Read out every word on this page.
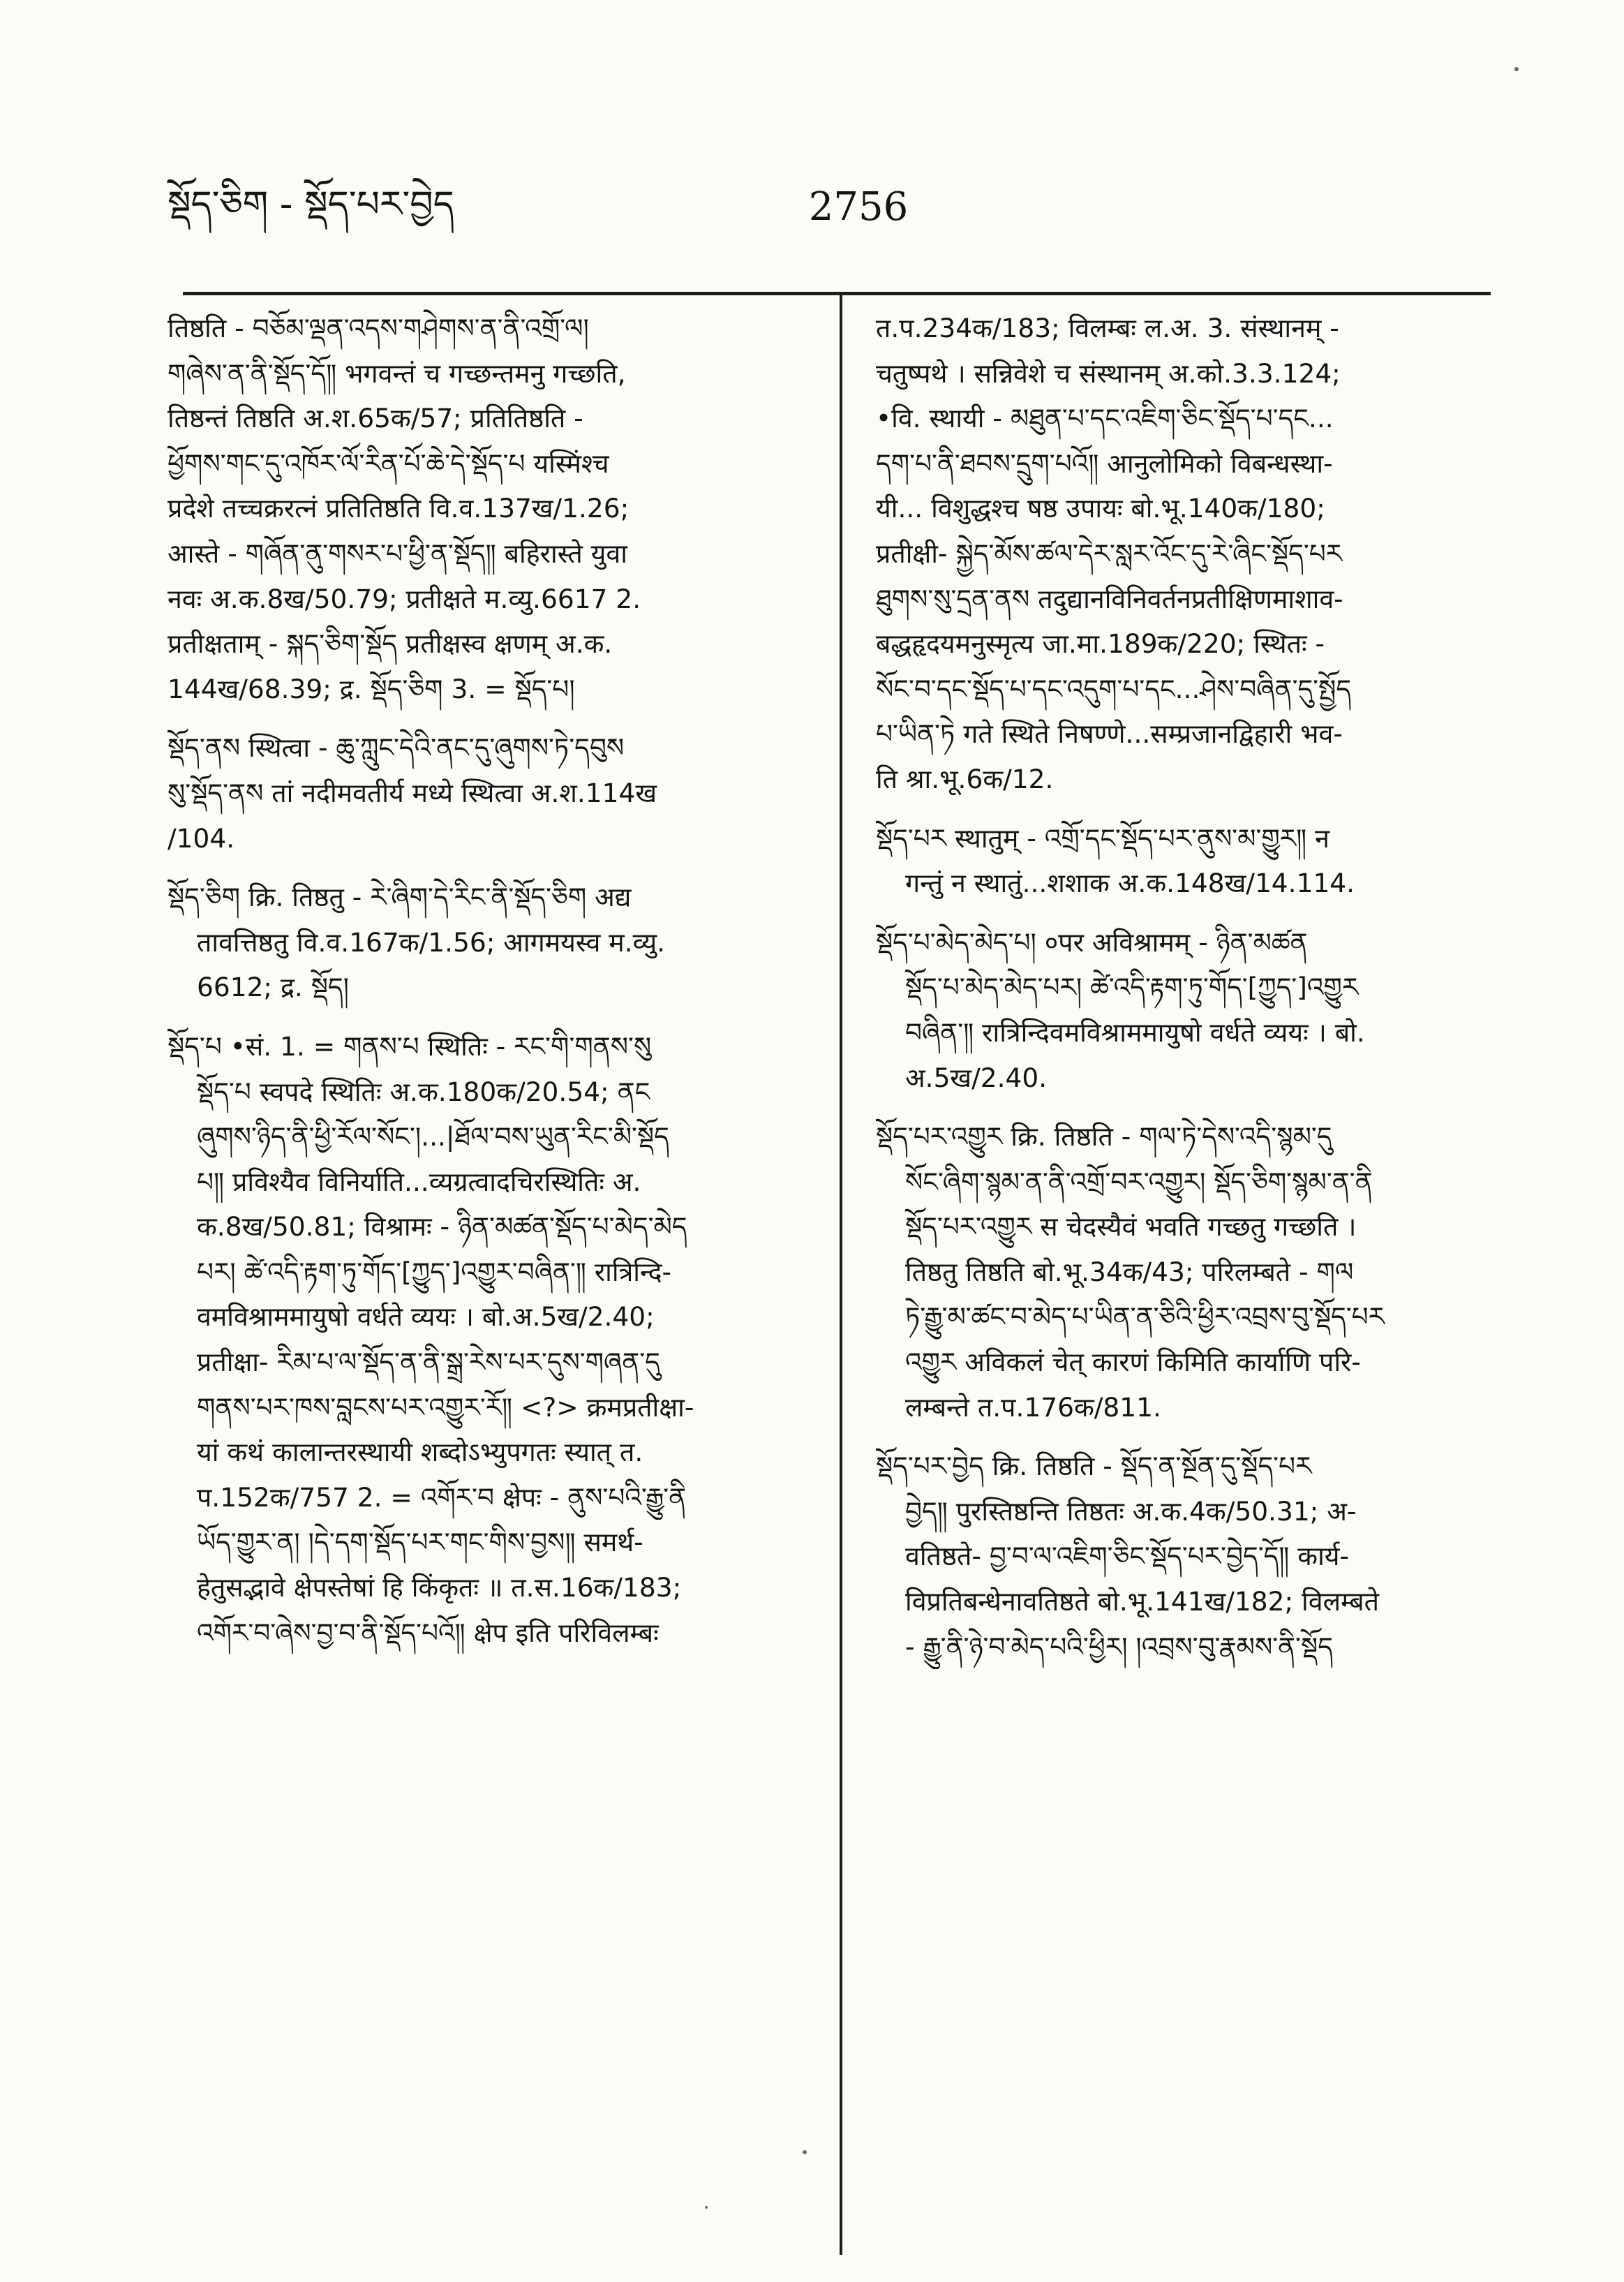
སྡོད་ཅིག - སྡོད་པར་བྱེད	2756
तिष्ठति - བཅོམ་ལྡན་འདས་གཤེགས་ན་ནི་འགྲོ་ལ།
གཞེས་ན་ནི་སྡོད་དོ༎ भगवन्तं च गच्छन्तमनु गच्छति,
तिष्ठन्तं तिष्ठति अ.श.65क/57; प्रतितिष्ठति -
ཕྱོགས་གང་དུ་འཁོར་ལོ་རིན་པོ་ཆེ་དེ་སྡོད་པ यस्मिंश्च
प्रदेशे तच्चक्ररत्नं प्रतितिष्ठति वि.व.137ख/1.26;
आस्ते - གཞོན་ནུ་གསར་པ་ཕྱི་ན་སྡོད༎ बहिरास्ते युवा
नवः अ.क.8ख/50.79; प्रतीक्षते म.व्यु.6617 2.
प्रतीक्षताम् - སྐད་ཅིག་སྡོད प्रतीक्षस्व क्षणम् अ.क.
144ख/68.39; द्र. སྡོད་ཅིག 3. = སྡོད་པ།
སྡོད་ནས स्थित्वा - ཆུ་ཀླུང་དེའི་ནང་དུ་ཞུགས་ཏེ་དབུས
སུ་སྡོད་ནས तां नदीमवतीर्य मध्ये स्थित्वा अ.श.114ख
/104.
སྡོད་ཅིག क्रि. तिष्ठतु - རེ་ཞིག་དེ་རིང་ནི་སྡོད་ཅིག अद्य
तावत्तिष्ठतु वि.व.167क/1.56; आगमयस्व म.व्यु.
6612; द्र. སྡོད།
སྡོད་པ •सं. 1. = གནས་པ स्थितिः - རང་གི་གནས་སུ
སྡོད་པ स्वपदे स्थितिः अ.क.180क/20.54; ནང
ཞུགས་ཉིད་ནི་ཕྱི་རོལ་སོང་།...|ཐོལ་བས་ཡུན་རིང་མི་སྡོད
པ༎ प्रविश्यैव विनिर्याति...व्यग्रत्वादचिरस्थितिः अ.
क.8ख/50.81; विश्रामः - ཉིན་མཚན་སྡོད་པ་མེད་མེད
པར། ཚེ་འདི་རྟག་ཏུ་གོད་[ཀྱུད་]འགྱུར་བཞིན་༎ रात्रिन्दि-
वमविश्राममायुषो वर्धते व्ययः । बो.अ.5ख/2.40;
प्रतीक्षा- རིམ་པ་ལ་སྡོད་ན་ནི་སྒྲ་རེས་པར་དུས་གཞན་དུ
གནས་པར་ཁས་བླངས་པར་འགྱུར་རོ༎ <?> क्रमप्रतीक्षा-
यां कथं कालान्तरस्थायी शब्दोऽभ्युपगतः स्यात् त.
प.152क/757 2. = འགོར་བ क्षेपः - ནུས་པའི་རྒྱུ་ནི
ཡོད་གྱུར་ན། །དེ་དག་སྡོད་པར་གང་གིས་བྱས༎ समर्थ-
हेतुसद्भावे क्षेपस्तेषां हि किंकृतः ॥ त.स.16क/183;
འགོར་བ་ཞེས་བྱ་བ་ནི་སྡོད་པའོ༎ क्षेप इति परिविलम्बः
त.प.234क/183; विलम्बः ल.अ. 3. संस्थानम् -
चतुष्पथे । सन्निवेशे च संस्थानम् अ.को.3.3.124;
•वि. स्थायी - མཐུན་པ་དང་འཇིག་ཅིང་སྡོད་པ་དང...
དག་པ་ནི་ཐབས་དྲུག་པའོ༎ आनुलोमिको विबन्धस्था-
यी... विशुद्धश्च षष्ठ उपायः बो.भू.140क/180;
प्रतीक्षी- སྐྱེད་མོས་ཚལ་དེར་སླར་འོང་དུ་རེ་ཞིང་སྡོད་པར
ཐུགས་སུ་དྲན་ནས तदुद्यानविनिवर्तनप्रतीक्षिणमाशाव-
बद्धहृदयमनुस्मृत्य जा.मा.189क/220; स्थितः -
སོང་བ་དང་སྡོད་པ་དང་འདུག་པ་དང...ཤེས་བཞིན་དུ་སྤྱོད
པ་ཡིན་ཏེ गते स्थिते निषण्णे...सम्प्रजानद्विहारी भव-
ति श्रा.भू.6क/12.
སྡོད་པར स्थातुम् - འགྲོ་དང་སྡོད་པར་ནུས་མ་གྱུར༎ न
गन्तुं न स्थातुं...शशाक अ.क.148ख/14.114.
སྡོད་པ་མེད་མེད་པ། ०पर अविश्रामम् - ཉིན་མཚན
སྡོད་པ་མེད་མེད་པར། ཚེ་འདི་རྟག་ཏུ་གོད་[ཀྱུད་]འགྱུར
བཞིན་༎ रात्रिन्दिवमविश्राममायुषो वर्धते व्ययः । बो.
अ.5ख/2.40.
སྡོད་པར་འགྱུར क्रि. तिष्ठति - གལ་ཏེ་དེས་འདི་སྙམ་དུ
སོང་ཞིག་སྙམ་ན་ནི་འགྲོ་བར་འགྱུར། སྡོད་ཅིག་སྙམ་ན་ནི
སྡོད་པར་འགྱུར स चेदस्यैवं भवति गच्छतु गच्छति ।
तिष्ठतु तिष्ठति बो.भू.34क/43; परिलम्बते - གལ
ཏེ་རྒྱུ་མ་ཚང་བ་མེད་པ་ཡིན་ན་ཅིའི་ཕྱིར་འབྲས་བུ་སྡོད་པར
འགྱུར अविकलं चेत् कारणं किमिति कार्याणि परि-
लम्बन्ते त.प.176क/811.
སྡོད་པར་བྱེད क्रि. तिष्ठति - སྡོད་ན་སྔོན་དུ་སྡོད་པར
བྱེད༎ पुरस्तिष्ठन्ति तिष्ठतः अ.क.4क/50.31; अ-
वतिष्ठते- བྱ་བ་ལ་འཇིག་ཅིང་སྡོད་པར་བྱེད་དོ༎ कार्य-
विप्रतिबन्धेनावतिष्ठते बो.भू.141ख/182; विलम्बते
- རྒྱུ་ནི་ཉེ་བ་མེད་པའི་ཕྱིར། །འབྲས་བུ་རྣམས་ནི་སྡོད
